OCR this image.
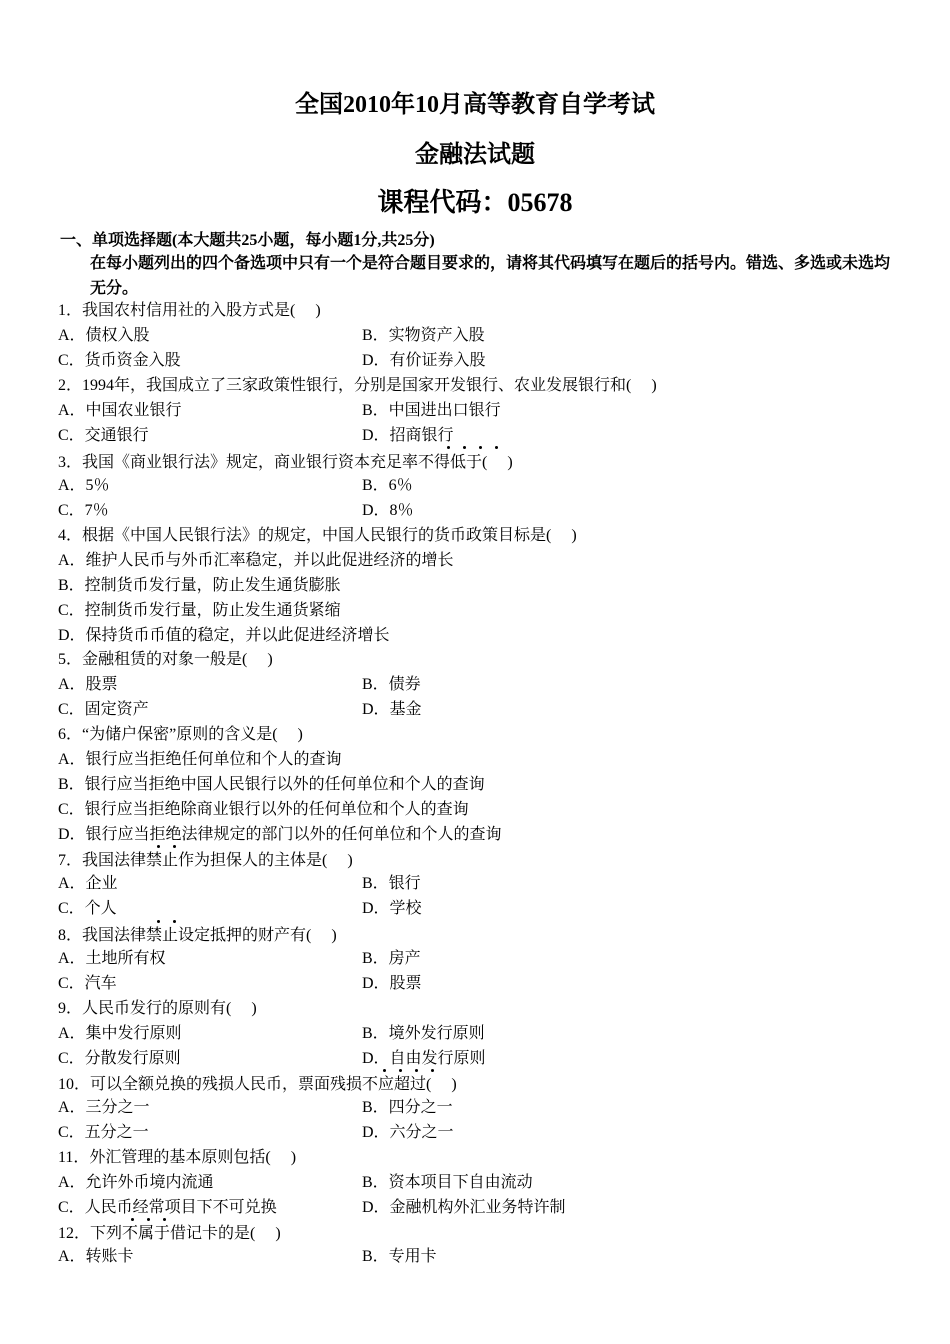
全国2010年10月高等教育自学考试
金融法试题
课程代码：05678
一、单项选择题(本大题共25小题，每小题1分,共25分)
在每小题列出的四个备选项中只有一个是符合题目要求的，请将其代码填写在题后的括号内。错选、多选或未选均无分。
1．我国农村信用社的入股方式是(　 )
A．债权入股	B．实物资产入股
C．货币资金入股	D．有价证券入股
2．1994年，我国成立了三家政策性银行，分别是国家开发银行、农业发展银行和(　 )
A．中国农业银行	B．中国进出口银行
C．交通银行	D．招商银行
3．我国《商业银行法》规定，商业银行资本充足率不得低于(　 )
A．5％	B．6％
C．7％	D．8％
4．根据《中国人民银行法》的规定，中国人民银行的货币政策目标是(　 )
A．维护人民币与外币汇率稳定，并以此促进经济的增长
B．控制货币发行量，防止发生通货膨胀
C．控制货币发行量，防止发生通货紧缩
D．保持货币币值的稳定，并以此促进经济增长
5．金融租赁的对象一般是(　 )
A．股票	B．债券
C．固定资产	D．基金
6．“为储户保密”原则的含义是(　 )
A．银行应当拒绝任何单位和个人的查询
B．银行应当拒绝中国人民银行以外的任何单位和个人的查询
C．银行应当拒绝除商业银行以外的任何单位和个人的查询
D．银行应当拒绝法律规定的部门以外的任何单位和个人的查询
7．我国法律禁止作为担保人的主体是(　 )
A．企业	B．银行
C．个人	D．学校
8．我国法律禁止设定抵押的财产有(　 )
A．土地所有权	B．房产
C．汽车	D．股票
9．人民币发行的原则有(　 )
A．集中发行原则	B．境外发行原则
C．分散发行原则	D．自由发行原则
10．可以全额兑换的残损人民币，票面残损不应超过(　 )
A．三分之一	B．四分之一
C．五分之一	D．六分之一
11．外汇管理的基本原则包括(　 )
A．允许外币境内流通	B．资本项目下自由流动
C．人民币经常项目下不可兑换	D．金融机构外汇业务特许制
12．下列不属于借记卡的是(　 )
A．转账卡	B．专用卡
